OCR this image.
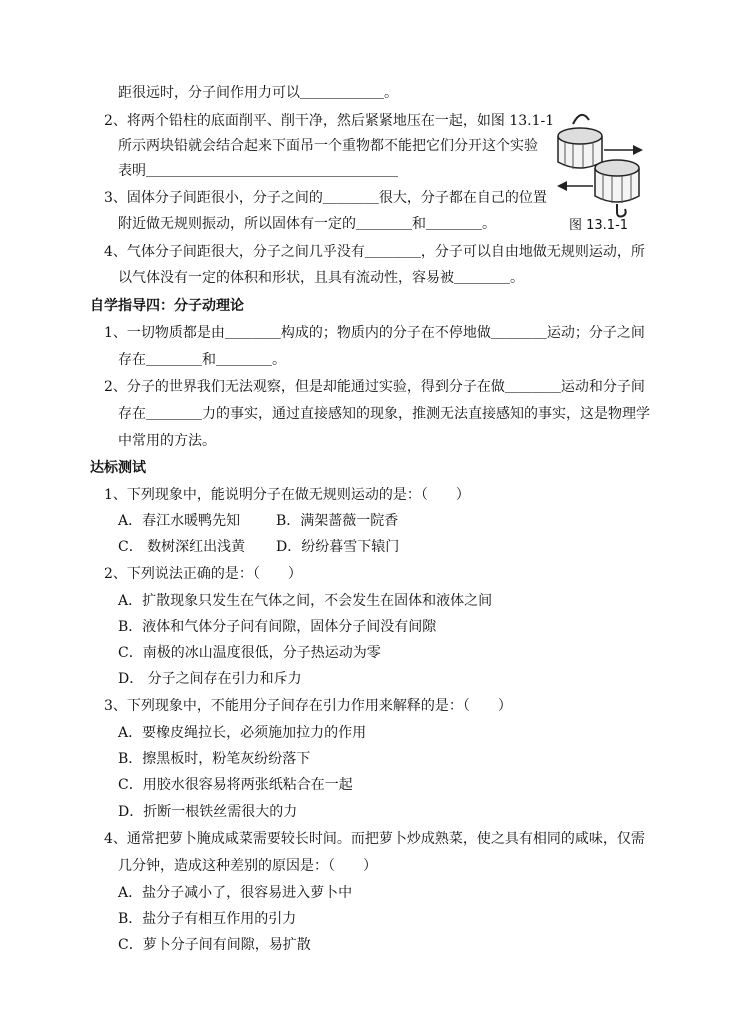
距很远时，分子间作用力可以＿＿＿＿＿＿。
2、将两个铅柱的底面削平、削干净，然后紧紧地压在一起，如图 13.1-1
所示两块铅就会结合起来下面吊一个重物都不能把它们分开这个实验
表明＿＿＿＿＿＿＿＿＿＿＿＿＿＿＿＿＿＿
3、固体分子间距很小，分子之间的＿＿＿＿很大，分子都在自己的位置
附近做无规则振动，所以固体有一定的＿＿＿＿和＿＿＿＿。	图 13.1-1
4、气体分子间距很大，分子之间几乎没有＿＿＿＿，分子可以自由地做无规则运动，所
以气体没有一定的体积和形状，且具有流动性，容易被＿＿＿＿。
自学指导四：分子动理论
1、一切物质都是由＿＿＿＿构成的；物质内的分子在不停地做＿＿＿＿运动；分子之间
存在＿＿＿＿和＿＿＿＿。
2、分子的世界我们无法观察，但是却能通过实验，得到分子在做＿＿＿＿运动和分子间
存在＿＿＿＿力的事实，通过直接感知的现象，推测无法直接感知的事实，这是物理学
中常用的方法。
达标测试
1、下列现象中，能说明分子在做无规则运动的是：（　　）
A．春江水暖鸭先知	B．满架蔷薇一院香
C． 数树深红出浅黄 D．纷纷暮雪下辕门
2、下列说法正确的是：（　　）
A．扩散现象只发生在气体之间，不会发生在固体和液体之间
B．液体和气体分子问有间隙，固体分子间没有间隙
C．南极的冰山温度很低，分子热运动为零
D． 分子之间存在引力和斥力
3、下列现象中，不能用分子间存在引力作用来解释的是：（　　）
A．要橡皮绳拉长，必须施加拉力的作用
B．擦黑板时，粉笔灰纷纷落下
C．用胶水很容易将两张纸粘合在一起
D．折断一根铁丝需很大的力
4、通常把萝卜腌成咸菜需要较长时间。而把萝卜炒成熟菜，使之具有相同的咸味，仅需
几分钟，造成这种差别的原因是：（　　）
A．盐分子减小了，很容易进入萝卜中
B．盐分子有相互作用的引力
C．萝卜分子间有间隙，易扩散
